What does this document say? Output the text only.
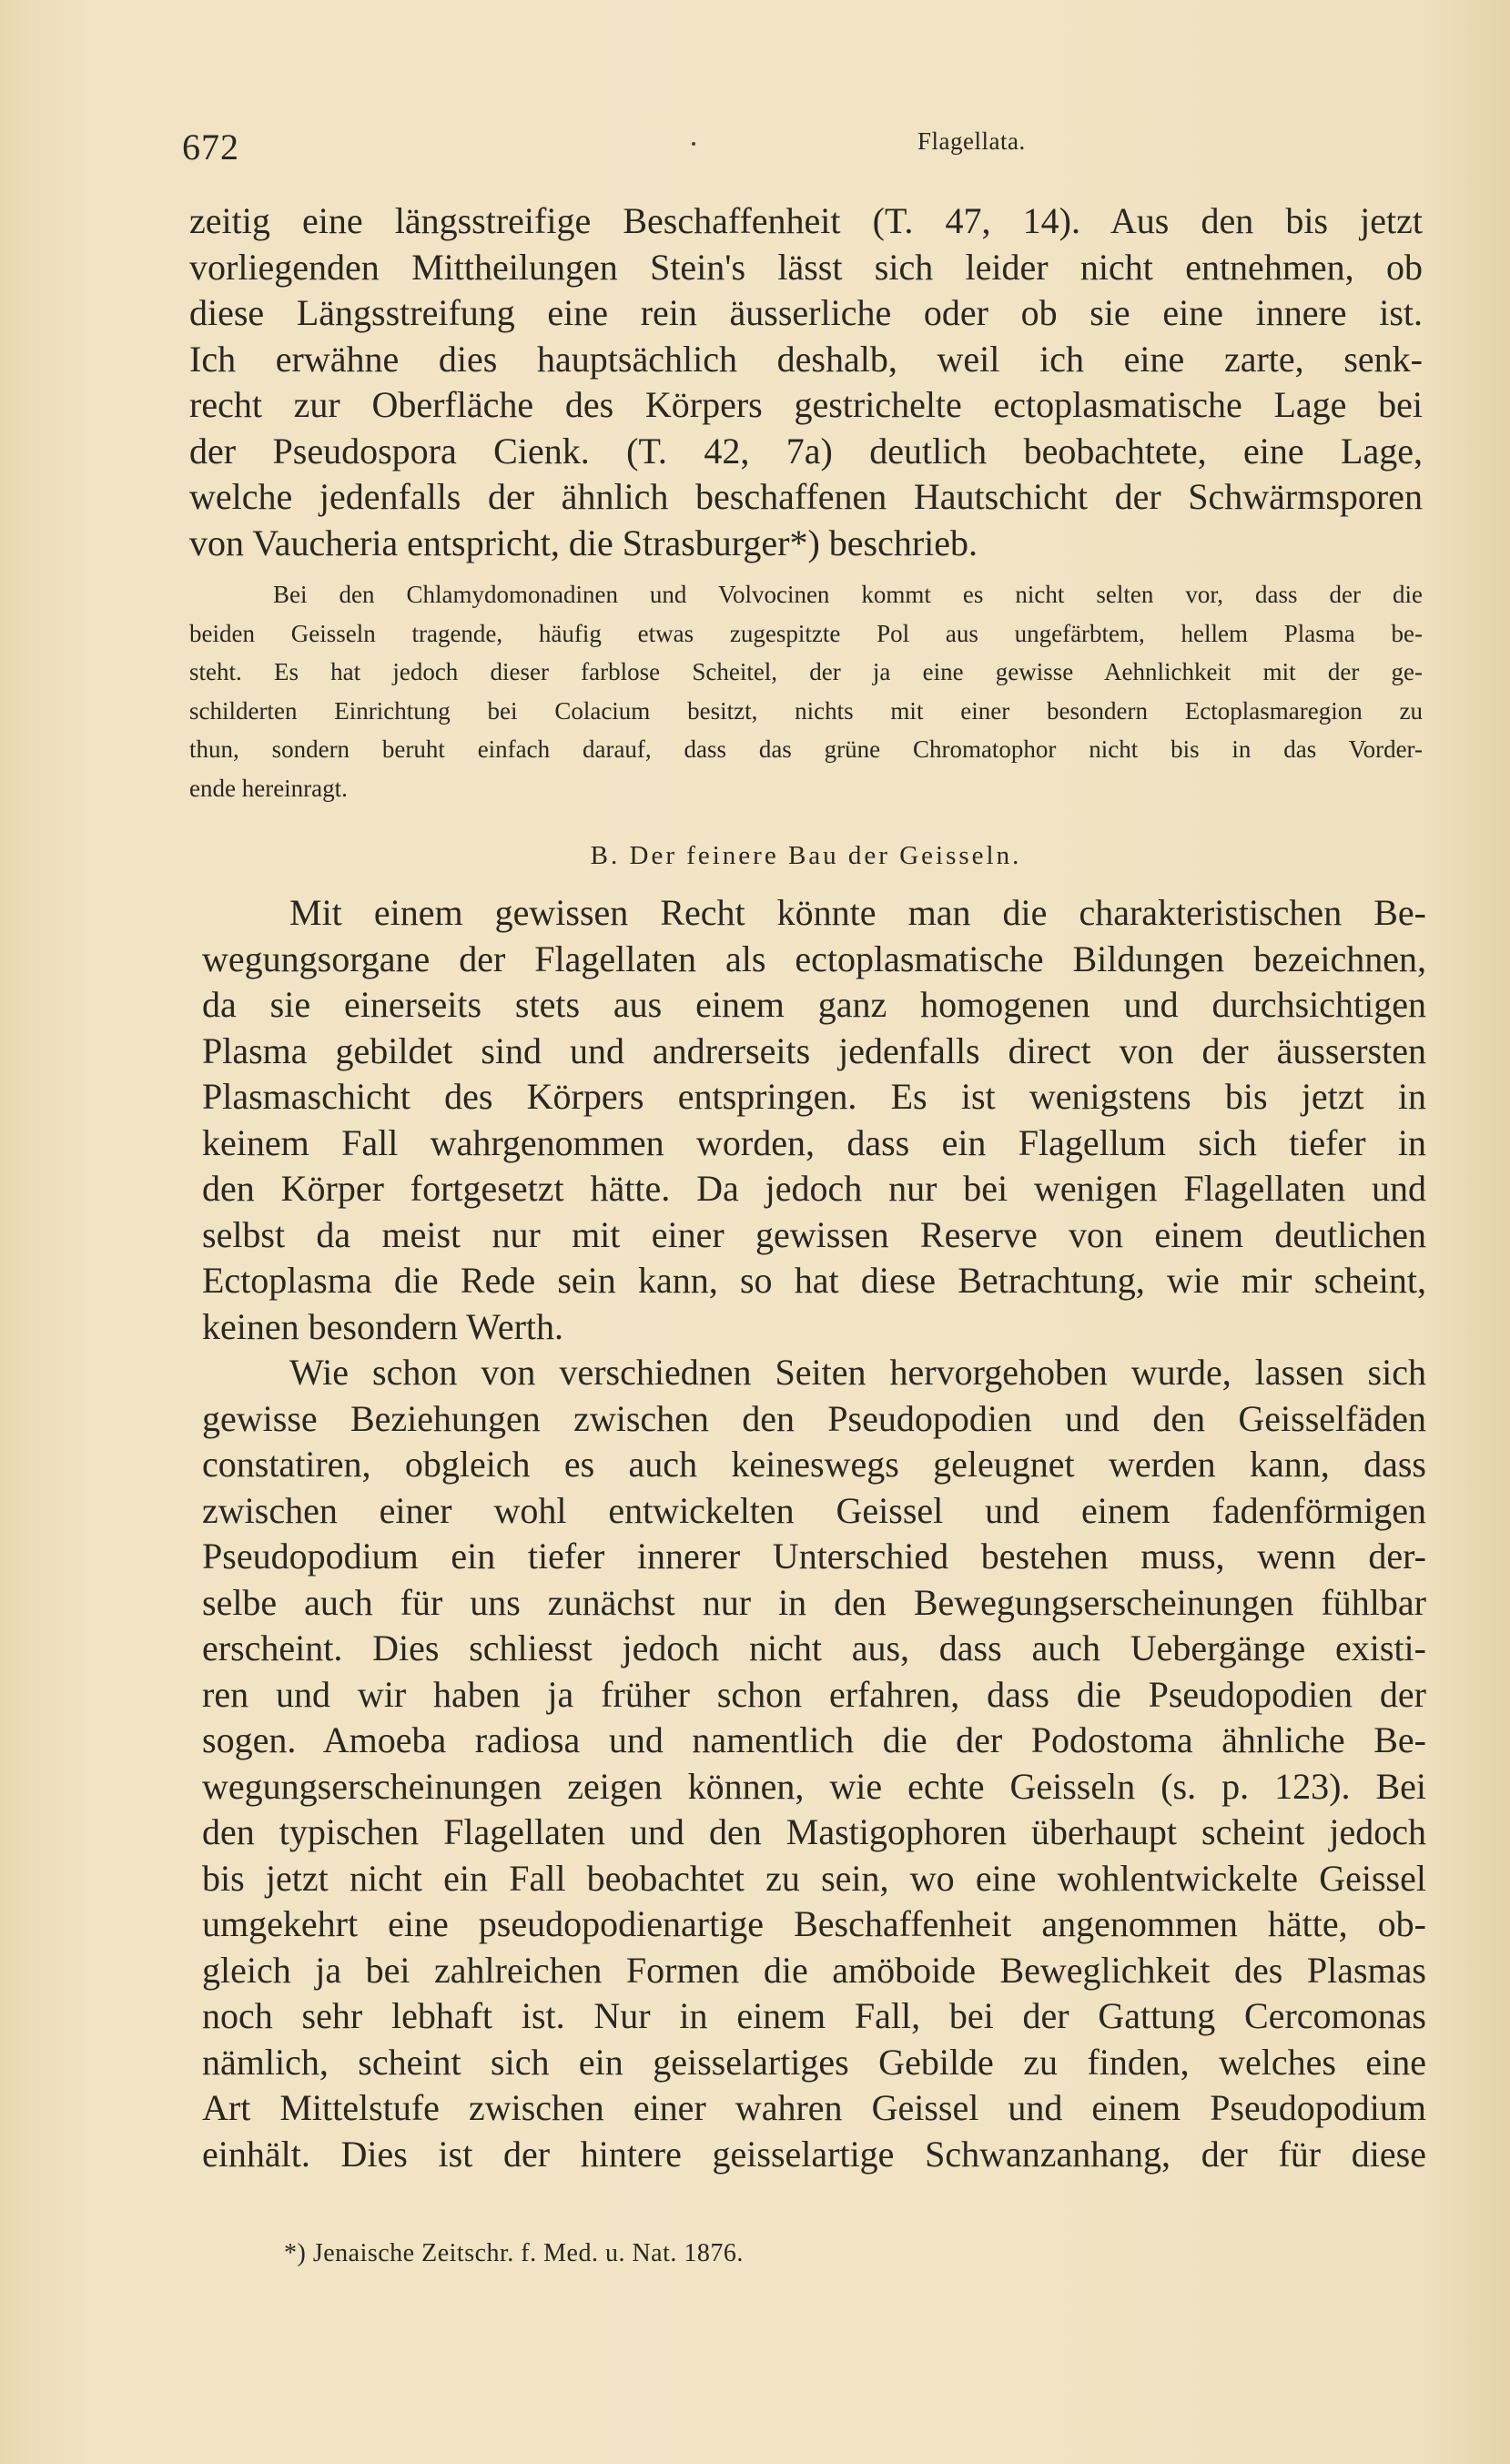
672	Flagellata.
zeitig eine längsstreifige Beschaffenheit (T. 47, 14). Aus den bis jetzt
vorliegenden Mittheilungen Stein's lässt sich leider nicht entnehmen, ob
diese Längsstreifung eine rein äusserliche oder ob sie eine innere ist.
Ich erwähne dies hauptsächlich deshalb, weil ich eine zarte, senk-
recht zur Oberfläche des Körpers gestrichelte ectoplasmatische Lage bei
der Pseudospora Cienk. (T. 42, 7a) deutlich beobachtete, eine Lage,
welche jedenfalls der ähnlich beschaffenen Hautschicht der Schwärmsporen
von Vaucheria entspricht, die Strasburger*) beschrieb.
Bei den Chlamydomonadinen und Volvocinen kommt es nicht selten vor, dass der die
beiden Geisseln tragende, häufig etwas zugespitzte Pol aus ungefärbtem, hellem Plasma be-
steht. Es hat jedoch dieser farblose Scheitel, der ja eine gewisse Aehnlichkeit mit der ge-
schilderten Einrichtung bei Colacium besitzt, nichts mit einer besondern Ectoplasmaregion zu
thun, sondern beruht einfach darauf, dass das grüne Chromatophor nicht bis in das Vorder-
ende hereinragt.
B. Der feinere Bau der Geisseln.
Mit einem gewissen Recht könnte man die charakteristischen Be-
wegungsorgane der Flagellaten als ectoplasmatische Bildungen bezeichnen,
da sie einerseits stets aus einem ganz homogenen und durchsichtigen
Plasma gebildet sind und andrerseits jedenfalls direct von der äussersten
Plasmaschicht des Körpers entspringen. Es ist wenigstens bis jetzt in
keinem Fall wahrgenommen worden, dass ein Flagellum sich tiefer in
den Körper fortgesetzt hätte. Da jedoch nur bei wenigen Flagellaten und
selbst da meist nur mit einer gewissen Reserve von einem deutlichen
Ectoplasma die Rede sein kann, so hat diese Betrachtung, wie mir scheint,
keinen besondern Werth.
Wie schon von verschiednen Seiten hervorgehoben wurde, lassen sich
gewisse Beziehungen zwischen den Pseudopodien und den Geisselfäden
constatiren, obgleich es auch keineswegs geleugnet werden kann, dass
zwischen einer wohl entwickelten Geissel und einem fadenförmigen
Pseudopodium ein tiefer innerer Unterschied bestehen muss, wenn der-
selbe auch für uns zunächst nur in den Bewegungserscheinungen fühlbar
erscheint. Dies schliesst jedoch nicht aus, dass auch Uebergänge existi-
ren und wir haben ja früher schon erfahren, dass die Pseudopodien der
sogen. Amoeba radiosa und namentlich die der Podostoma ähnliche Be-
wegungserscheinungen zeigen können, wie echte Geisseln (s. p. 123). Bei
den typischen Flagellaten und den Mastigophoren überhaupt scheint jedoch
bis jetzt nicht ein Fall beobachtet zu sein, wo eine wohlentwickelte Geissel
umgekehrt eine pseudopodienartige Beschaffenheit angenommen hätte, ob-
gleich ja bei zahlreichen Formen die amöboide Beweglichkeit des Plasmas
noch sehr lebhaft ist. Nur in einem Fall, bei der Gattung Cercomonas
nämlich, scheint sich ein geisselartiges Gebilde zu finden, welches eine
Art Mittelstufe zwischen einer wahren Geissel und einem Pseudopodium
einhält. Dies ist der hintere geisselartige Schwanzanhang, der für diese
*) Jenaische Zeitschr. f. Med. u. Nat. 1876.
